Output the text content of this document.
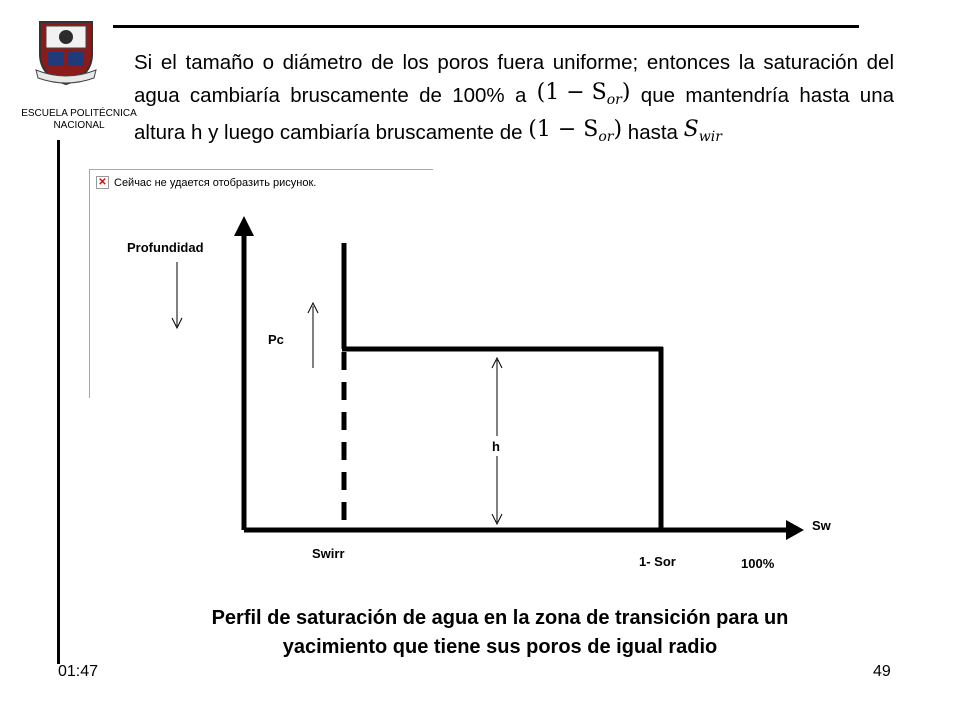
ESCUELA POLITÉCNICA
NACIONAL
Si el tamaño o diámetro de los poros fuera uniforme; entonces la saturación del agua cambiaría bruscamente de 100% a $(1 - S_{or})$ que mantendría hasta una altura h y luego cambiaría bruscamente de $(1 - S_{or})$ hasta $S_{wir}$
✕ Сейчас не удается отобразить рисунок.
Profundidad
Pc
h
Swirr
1- Sor	100%
Sw
Perfil de saturación de agua en la zona de transición para un
yacimiento que tiene sus poros de igual radio
01:47	49
